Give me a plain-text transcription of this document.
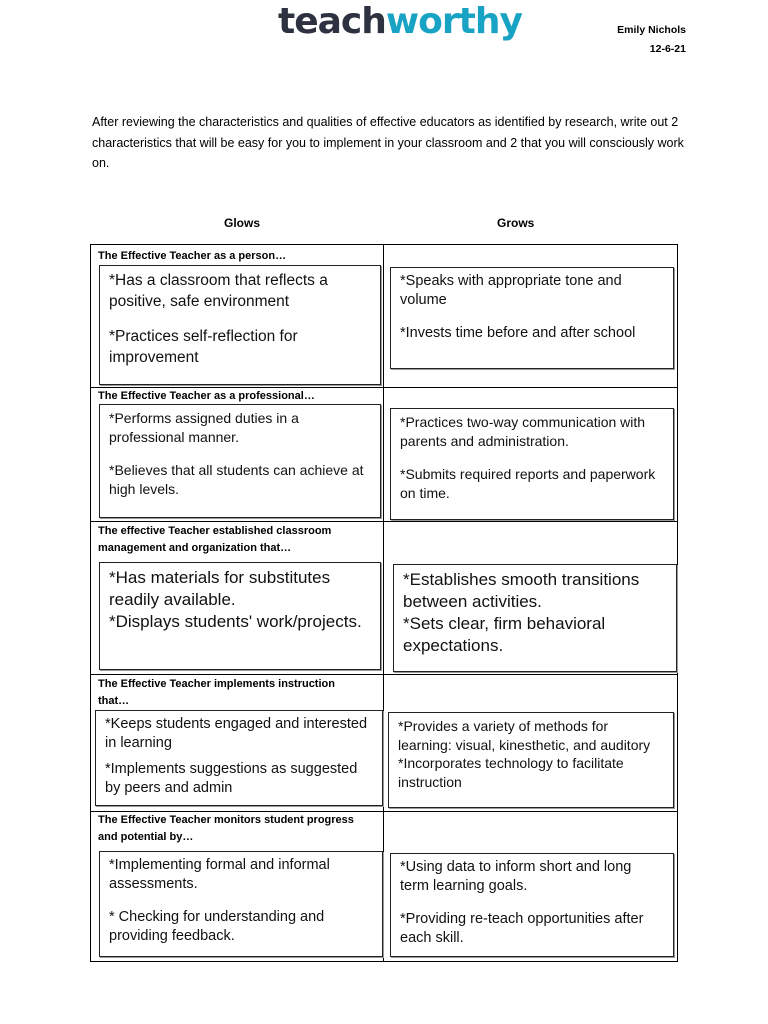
teachworthy	Emily Nichols
12-6-21
After reviewing the characteristics and qualities of effective educators as identified by research, write out 2 characteristics that will be easy for you to implement in your classroom and 2 that you will consciously work on.
Glows	Grows
The Effective Teacher as a person…

*Has a classroom that reflects a positive, safe environment

*Practices self-reflection for improvement

*Speaks with appropriate tone and volume

*Invests time before and after school

The Effective Teacher as a professional…

*Performs assigned duties in a professional manner.

*Believes that all students can achieve at high levels.

*Practices two-way communication with parents and administration.

*Submits required reports and paperwork on time.

The effective Teacher established classroom management and organization that…

*Has materials for substitutes readily available.

*Displays students' work/projects.

*Establishes smooth transitions between activities.

*Sets clear, firm behavioral expectations.

The Effective Teacher implements instruction that…

*Keeps students engaged and interested in learning

*Implements suggestions as suggested by peers and admin

*Provides a variety of methods for learning: visual, kinesthetic, and auditory

*Incorporates technology to facilitate instruction

The Effective Teacher monitors student progress and potential by…

*Implementing formal and informal assessments.

* Checking for understanding and providing feedback.

*Using data to inform short and long term learning goals.

*Providing re-teach opportunities after each skill.
